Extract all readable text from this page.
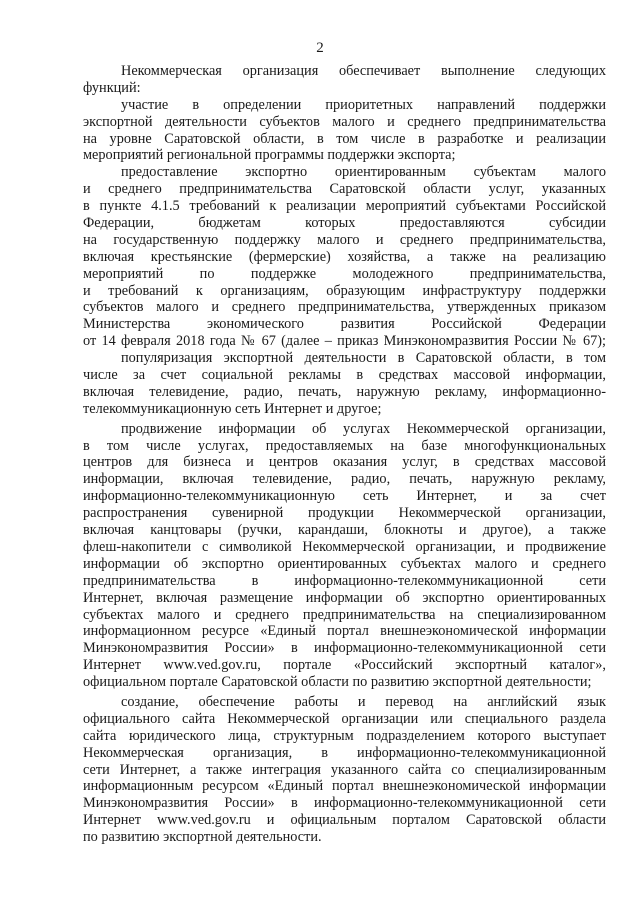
2
Некоммерческая организация обеспечивает выполнение следующих
функций:
участие в определении приоритетных направлений поддержки
экспортной деятельности субъектов малого и среднего предпринимательства
на уровне Саратовской области, в том числе в разработке и реализации
мероприятий региональной программы поддержки экспорта;
предоставление экспортно ориентированным субъектам малого
и среднего предпринимательства Саратовской области услуг, указанных
в пункте 4.1.5 требований к реализации мероприятий субъектами Российской
Федерации, бюджетам которых предоставляются субсидии
на государственную поддержку малого и среднего предпринимательства,
включая крестьянские (фермерские) хозяйства, а также на реализацию
мероприятий по поддержке молодежного предпринимательства,
и требований к организациям, образующим инфраструктуру поддержки
субъектов малого и среднего предпринимательства, утвержденных приказом
Министерства экономического развития Российской Федерации
от 14 февраля 2018 года № 67 (далее – приказ Минэкономразвития России № 67);
популяризация экспортной деятельности в Саратовской области, в том
числе за счет социальной рекламы в средствах массовой информации,
включая телевидение, радио, печать, наружную рекламу, информационно-
телекоммуникационную сеть Интернет и другое;
продвижение информации об услугах Некоммерческой организации,
в том числе услугах, предоставляемых на базе многофункциональных
центров для бизнеса и центров оказания услуг, в средствах массовой
информации, включая телевидение, радио, печать, наружную рекламу,
информационно-телекоммуникационную сеть Интернет, и за счет
распространения сувенирной продукции Некоммерческой организации,
включая канцтовары (ручки, карандаши, блокноты и другое), а также
флеш-накопители с символикой Некоммерческой организации, и продвижение
информации об экспортно ориентированных субъектах малого и среднего
предпринимательства в информационно-телекоммуникационной сети
Интернет, включая размещение информации об экспортно ориентированных
субъектах малого и среднего предпринимательства на специализированном
информационном ресурсе «Единый портал внешнеэкономической информации
Минэкономразвития России» в информационно-телекоммуникационной сети
Интернет www.ved.gov.ru, портале «Российский экспортный каталог»,
официальном портале Саратовской области по развитию экспортной деятельности;
создание, обеспечение работы и перевод на английский язык
официального сайта Некоммерческой организации или специального раздела
сайта юридического лица, структурным подразделением которого выступает
Некоммерческая организация, в информационно-телекоммуникационной
сети Интернет, а также интеграция указанного сайта со специализированным
информационным ресурсом «Единый портал внешнеэкономической информации
Минэкономразвития России» в информационно-телекоммуникационной сети
Интернет www.ved.gov.ru и официальным порталом Саратовской области
по развитию экспортной деятельности.
